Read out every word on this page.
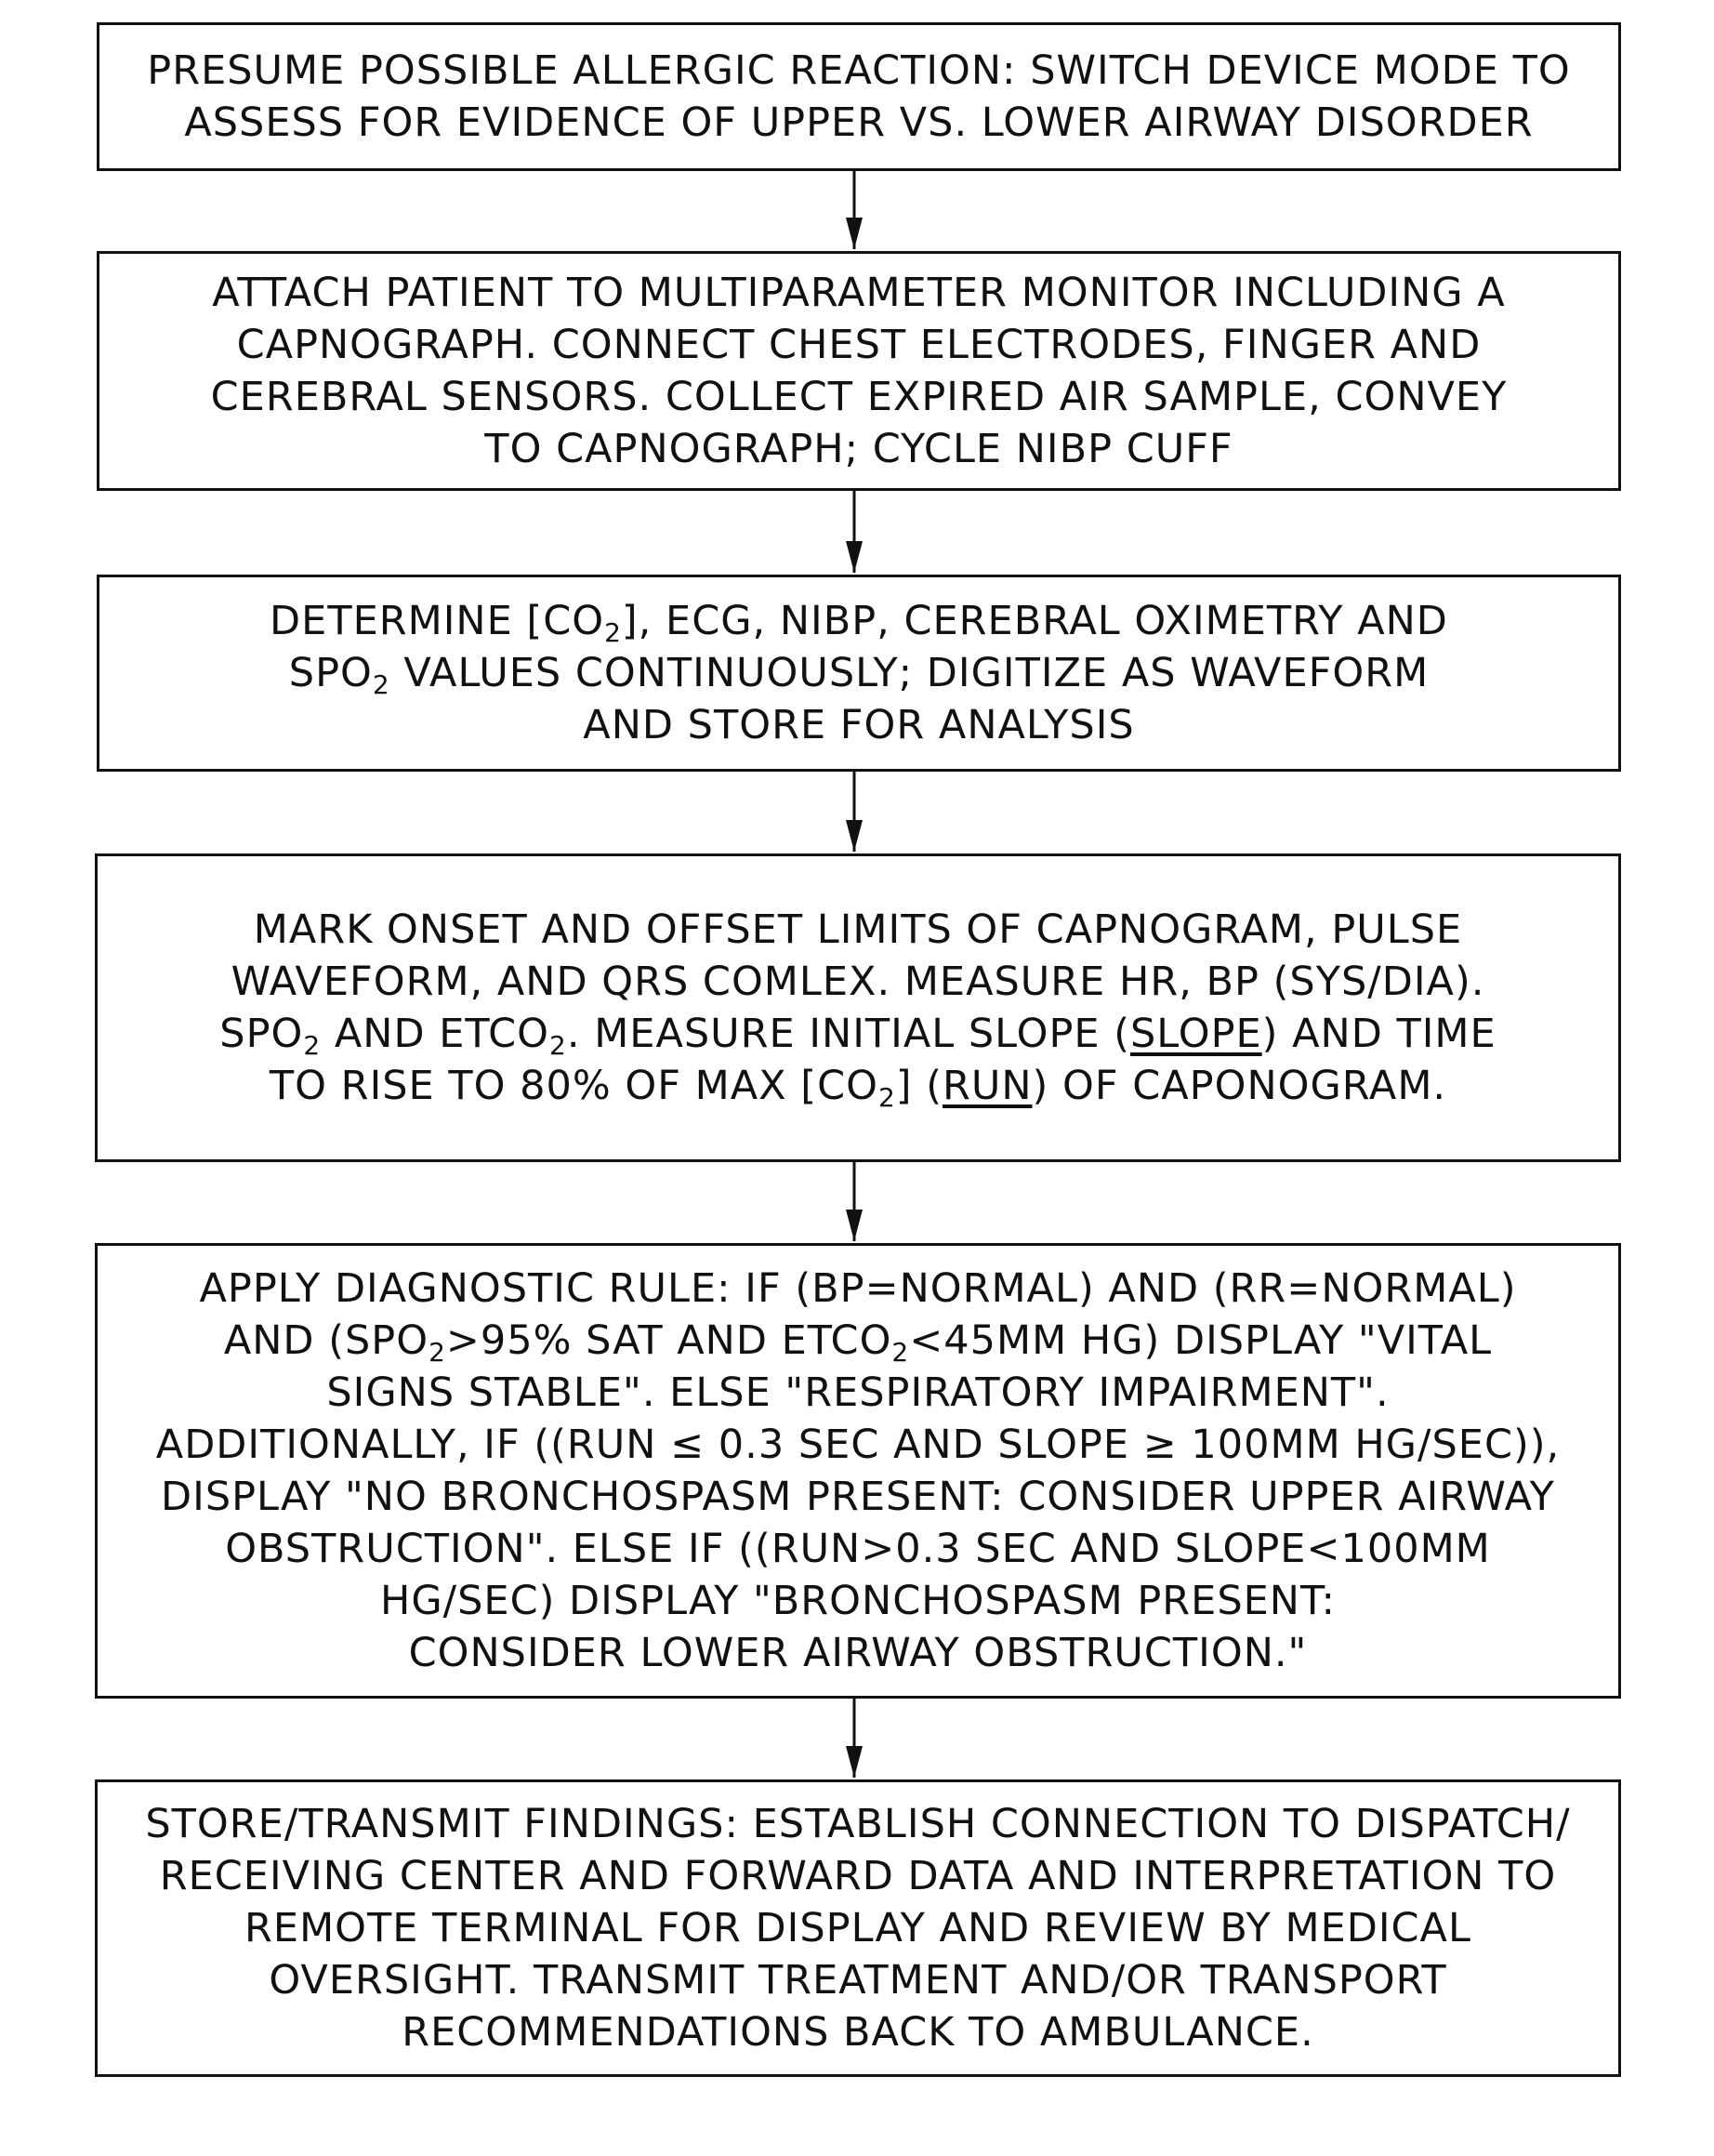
PRESUME POSSIBLE ALLERGIC REACTION: SWITCH DEVICE MODE TO
ASSESS FOR EVIDENCE OF UPPER VS. LOWER AIRWAY DISORDER
ATTACH PATIENT TO MULTIPARAMETER MONITOR INCLUDING A
CAPNOGRAPH. CONNECT CHEST ELECTRODES, FINGER AND
CEREBRAL SENSORS. COLLECT EXPIRED AIR SAMPLE, CONVEY
TO CAPNOGRAPH; CYCLE NIBP CUFF
DETERMINE [CO2], ECG, NIBP, CEREBRAL OXIMETRY AND
SPO2 VALUES CONTINUOUSLY; DIGITIZE AS WAVEFORM
AND STORE FOR ANALYSIS
MARK ONSET AND OFFSET LIMITS OF CAPNOGRAM, PULSE
WAVEFORM, AND QRS COMLEX. MEASURE HR, BP (SYS/DIA).
SPO2 AND ETCO2. MEASURE INITIAL SLOPE (SLOPE) AND TIME
TO RISE TO 80% OF MAX [CO2] (RUN) OF CAPONOGRAM.
APPLY DIAGNOSTIC RULE: IF (BP=NORMAL) AND (RR=NORMAL)
AND (SPO2>95% SAT AND ETCO2<45MM HG) DISPLAY "VITAL
SIGNS STABLE". ELSE "RESPIRATORY IMPAIRMENT".
ADDITIONALLY, IF ((RUN ≤ 0.3 SEC AND SLOPE ≥ 100MM HG/SEC)),
DISPLAY "NO BRONCHOSPASM PRESENT: CONSIDER UPPER AIRWAY
OBSTRUCTION". ELSE IF ((RUN>0.3 SEC AND SLOPE<100MM
HG/SEC) DISPLAY "BRONCHOSPASM PRESENT:
CONSIDER LOWER AIRWAY OBSTRUCTION."
STORE/TRANSMIT FINDINGS: ESTABLISH CONNECTION TO DISPATCH/
RECEIVING CENTER AND FORWARD DATA AND INTERPRETATION TO
REMOTE TERMINAL FOR DISPLAY AND REVIEW BY MEDICAL
OVERSIGHT. TRANSMIT TREATMENT AND/OR TRANSPORT
RECOMMENDATIONS BACK TO AMBULANCE.
